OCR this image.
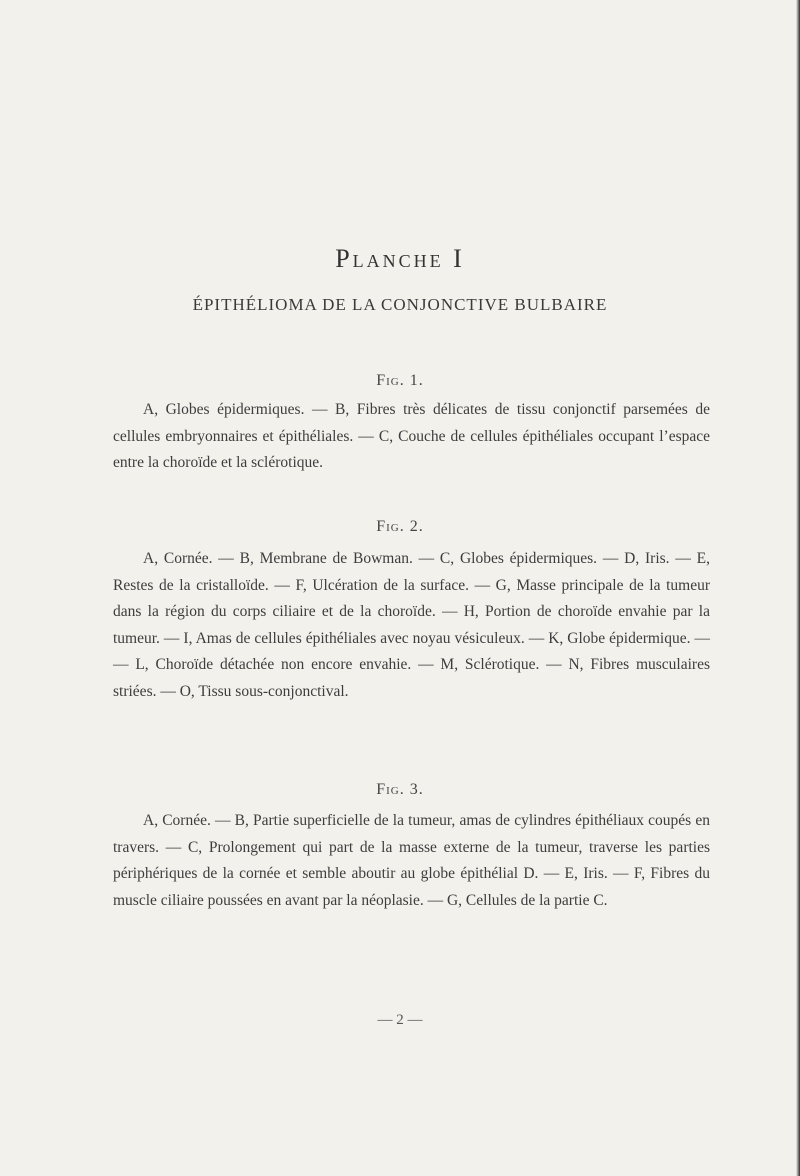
Planche I
ÉPITHÉLIOMA DE LA CONJONCTIVE BULBAIRE
Fig. 1.

A, Globes épidermiques. — B, Fibres très délicates de tissu conjonctif parsemées de cellules embryonnaires et épithéliales. — C, Couche de cellules épithéliales occupant l’espace entre la choroïde et la sclérotique.

Fig. 2.

A, Cornée. — B, Membrane de Bowman. — C, Globes épidermiques. — D, Iris. — E, Restes de la cristalloïde. — F, Ulcération de la surface. — G, Masse principale de la tumeur dans la région du corps ciliaire et de la choroïde. — H, Portion de choroïde envahie par la tumeur. — I, Amas de cellules épithéliales avec noyau vésiculeux. — K, Globe épidermique. — — L, Choroïde détachée non encore envahie. — M, Sclérotique. — N, Fibres musculaires striées. — O, Tissu sous-conjonctival.

Fig. 3.

A, Cornée. — B, Partie superficielle de la tumeur, amas de cylindres épithéliaux coupés en travers. — C, Prolongement qui part de la masse externe de la tumeur, traverse les parties périphériques de la cornée et semble aboutir au globe épithélial D. — E, Iris. — F, Fibres du muscle ciliaire poussées en avant par la néoplasie. — G, Cellules de la partie C.

— 2 —
